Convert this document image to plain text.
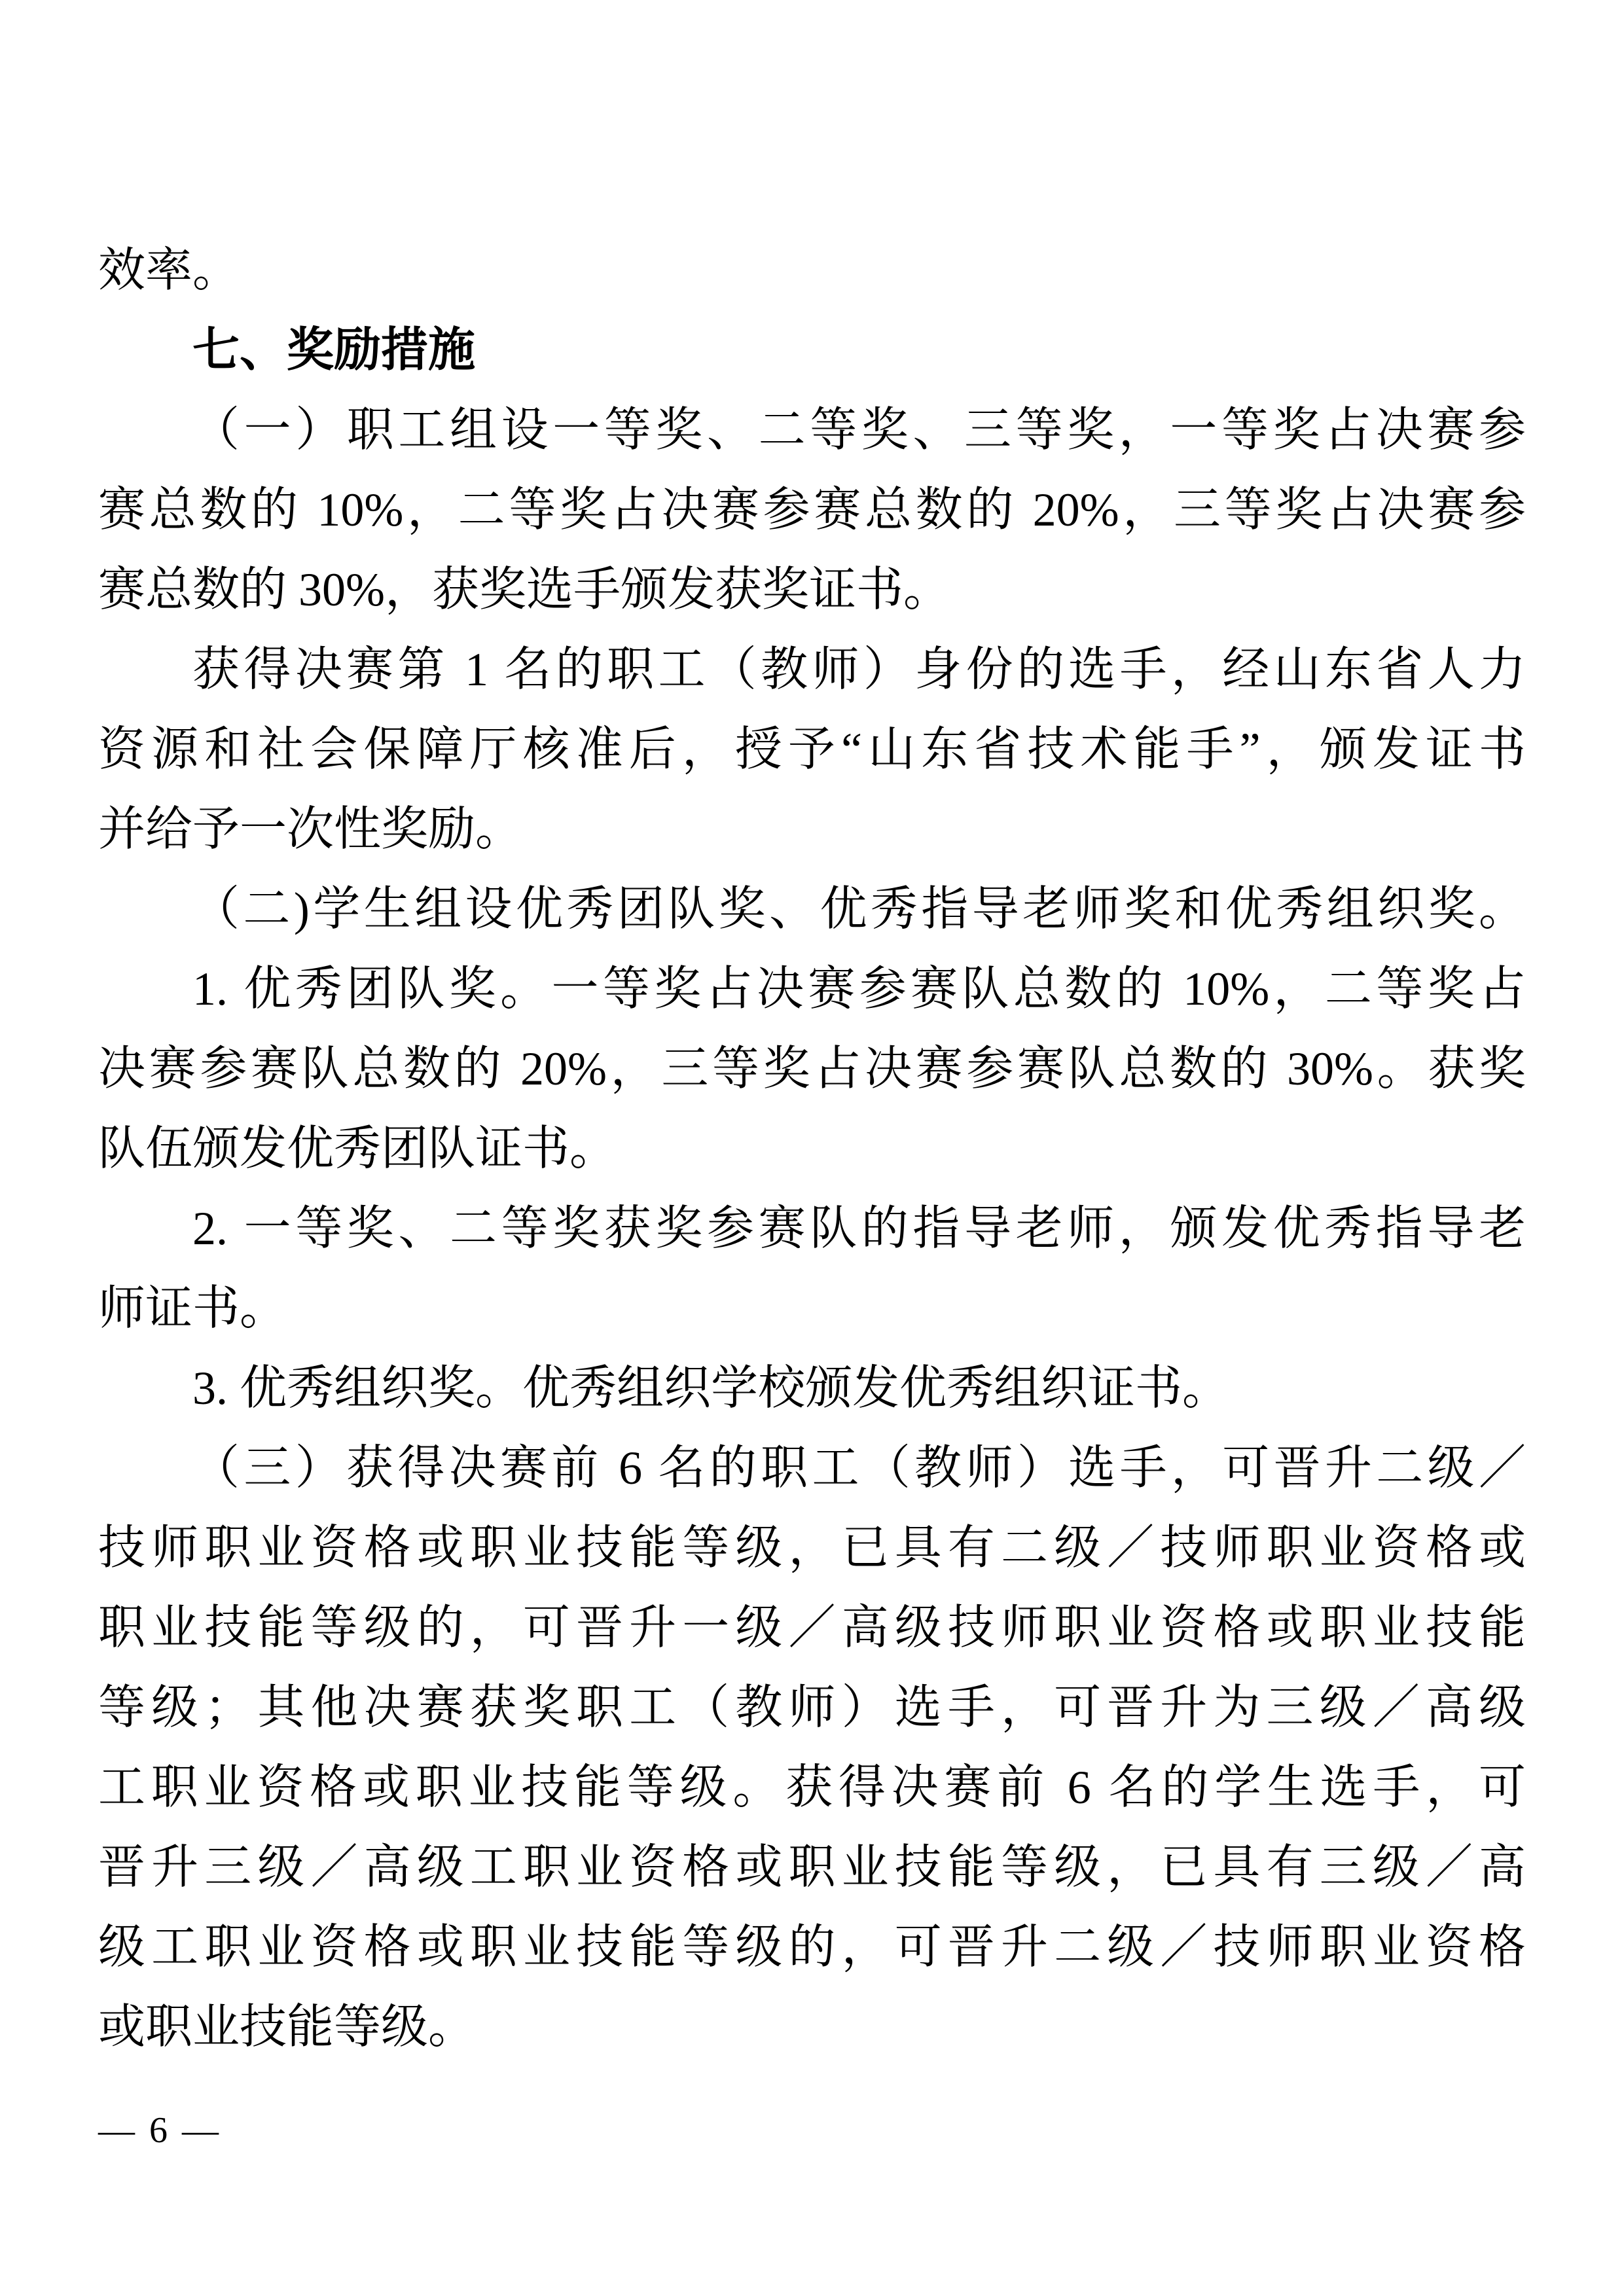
效率。
七、奖励措施
（一）职工组设一等奖、二等奖、三等奖，一等奖占决赛参
赛总数的 10%，二等奖占决赛参赛总数的 20%，三等奖占决赛参
赛总数的 30%，获奖选手颁发获奖证书。
获得决赛第 1 名的职工（教师）身份的选手，经山东省人力
资源和社会保障厅核准后，授予“山东省技术能手”，颁发证书
并给予一次性奖励。
（二)学生组设优秀团队奖、优秀指导老师奖和优秀组织奖。
1. 优秀团队奖。一等奖占决赛参赛队总数的 10%，二等奖占
决赛参赛队总数的 20%，三等奖占决赛参赛队总数的 30%。获奖
队伍颁发优秀团队证书。
2. 一等奖、二等奖获奖参赛队的指导老师，颁发优秀指导老
师证书。
3. 优秀组织奖。优秀组织学校颁发优秀组织证书。
（三）获得决赛前 6 名的职工（教师）选手，可晋升二级／
技师职业资格或职业技能等级，已具有二级／技师职业资格或
职业技能等级的，可晋升一级／高级技师职业资格或职业技能
等级；其他决赛获奖职工（教师）选手，可晋升为三级／高级
工职业资格或职业技能等级。获得决赛前 6 名的学生选手，可
晋升三级／高级工职业资格或职业技能等级，已具有三级／高
级工职业资格或职业技能等级的，可晋升二级／技师职业资格
或职业技能等级。
— 6 —
